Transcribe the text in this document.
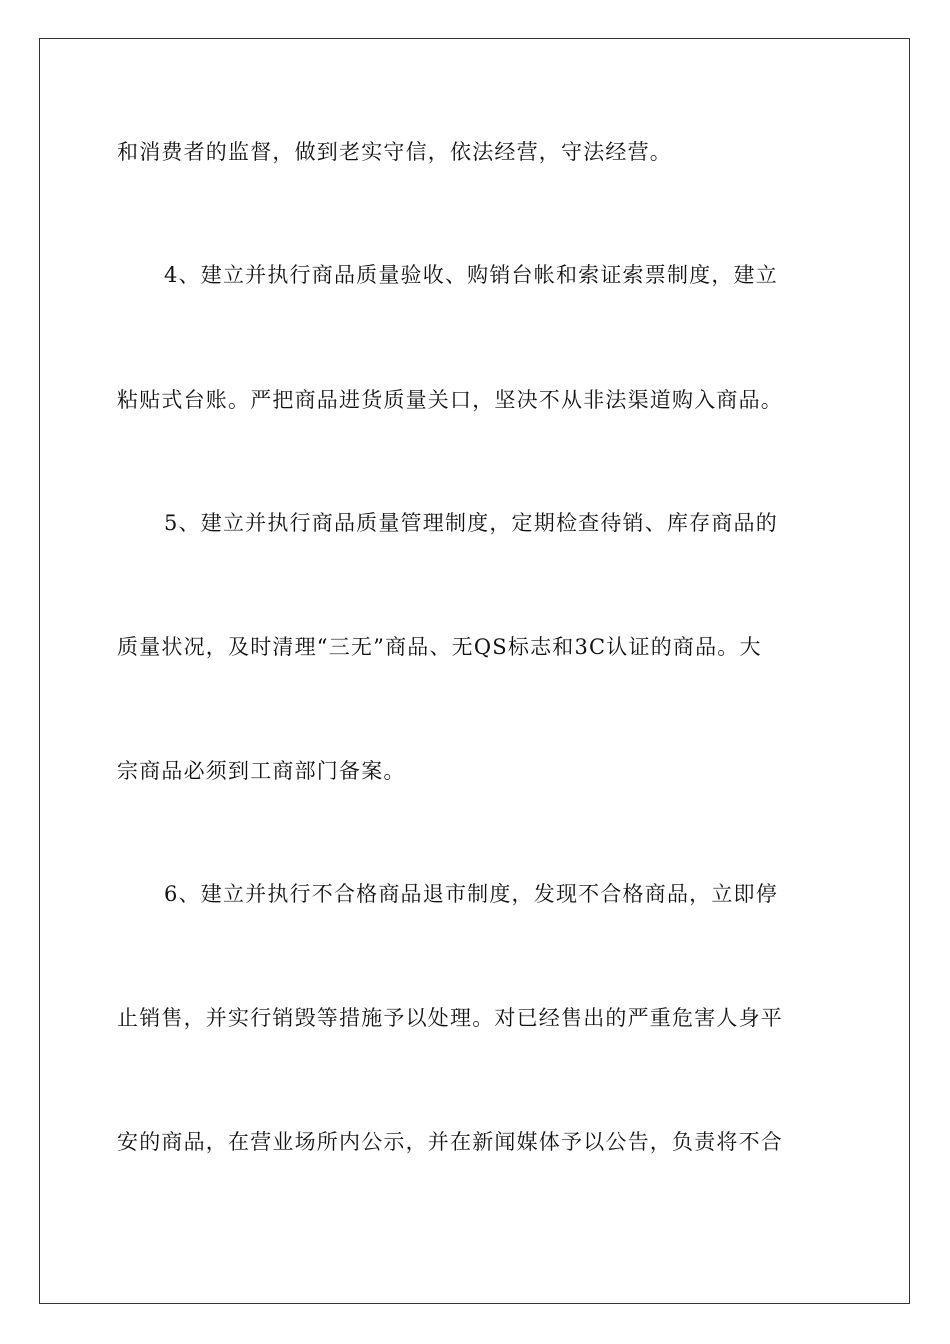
和消费者的监督，做到老实守信，依法经营，守法经营。
4、建立并执行商品质量验收、购销台帐和索证索票制度，建立
粘贴式台账。严把商品进货质量关口，坚决不从非法渠道购入商品。
5、建立并执行商品质量管理制度，定期检查待销、库存商品的
质量状况，及时清理“三无”商品、无QS标志和3C认证的商品。大
宗商品必须到工商部门备案。
6、建立并执行不合格商品退市制度，发现不合格商品，立即停
止销售，并实行销毁等措施予以处理。对已经售出的严重危害人身平
安的商品，在营业场所内公示，并在新闻媒体予以公告，负责将不合
